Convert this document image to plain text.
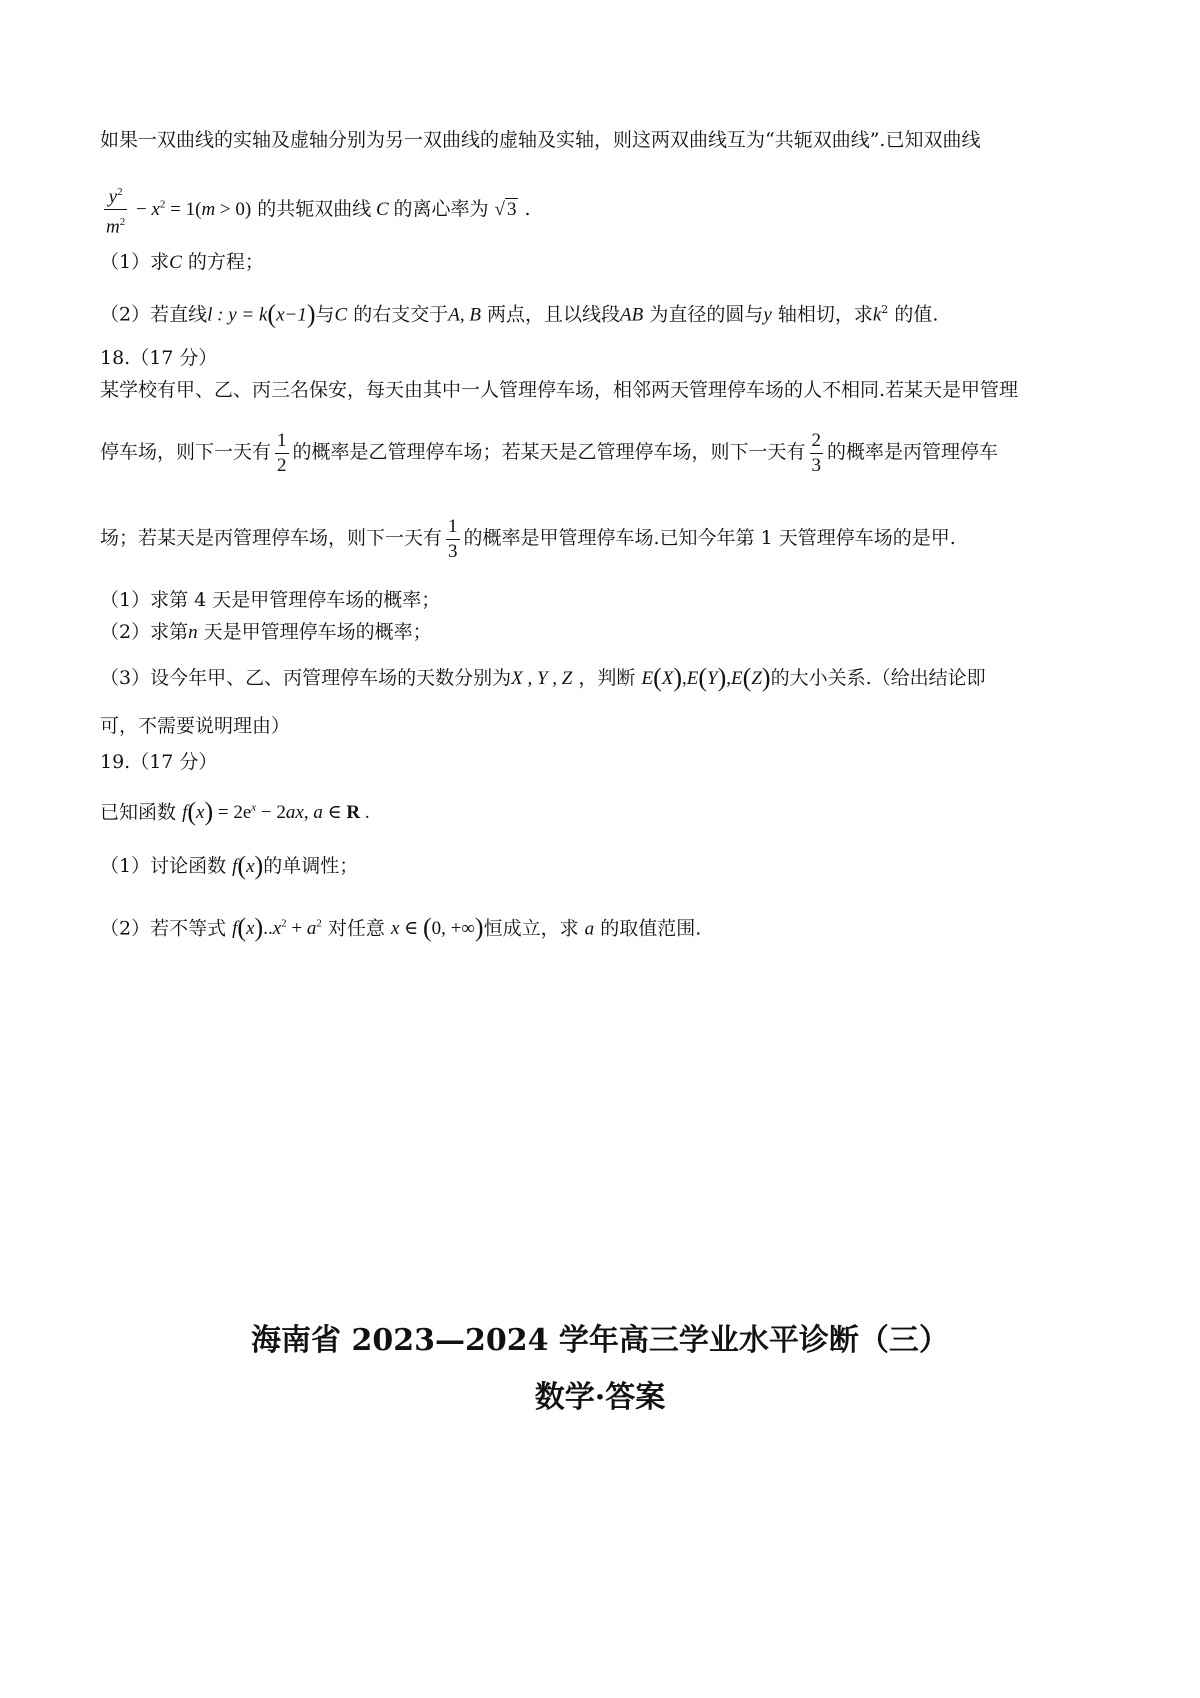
如果一双曲线的实轴及虚轴分别为另一双曲线的虚轴及实轴，则这两双曲线互为“共轭双曲线”.已知双曲线
$\frac{y^2}{m^2} - x^2 = 1(m > 0)$ 的共轭双曲线 C 的离心率为 √ 3 .
（1）求C 的方程；
（2）若直线l : y = k(x−1)与C 的右支交于A, B 两点，且以线段AB 为直径的圆与y 轴相切，求$k^2$ 的值.
18.（17 分）
某学校有甲、乙、丙三名保安，每天由其中一人管理停车场，相邻两天管理停车场的人不相同.若某天是甲管理
停车场，则下一天有 $\frac{1}{2}$ 的概率是乙管理停车场；若某天是乙管理停车场，则下一天有 $\frac{2}{3}$ 的概率是丙管理停车
场；若某天是丙管理停车场，则下一天有 $\frac{1}{3}$ 的概率是甲管理停车场.已知今年第 1 天管理停车场的是甲.
（1）求第 4 天是甲管理停车场的概率；
（2）求第n 天是甲管理停车场的概率；
（3）设今年甲、乙、丙管理停车场的天数分别为X , Y , Z ，判断 E(X),E(Y),E(Z)的大小关系.（给出结论即
可，不需要说明理由）
19.（17 分）
已知函数 $f(x) = 2e^x - 2ax$, a ∈ R .
（1）讨论函数 f(x)的单调性；
（2）若不等式 $f(x)..x^2 + a^2$ 对任意 x ∈ (0, +∞)恒成立，求 a 的取值范围.
海南省 2023—2024 学年高三学业水平诊断（三）
数学·答案
